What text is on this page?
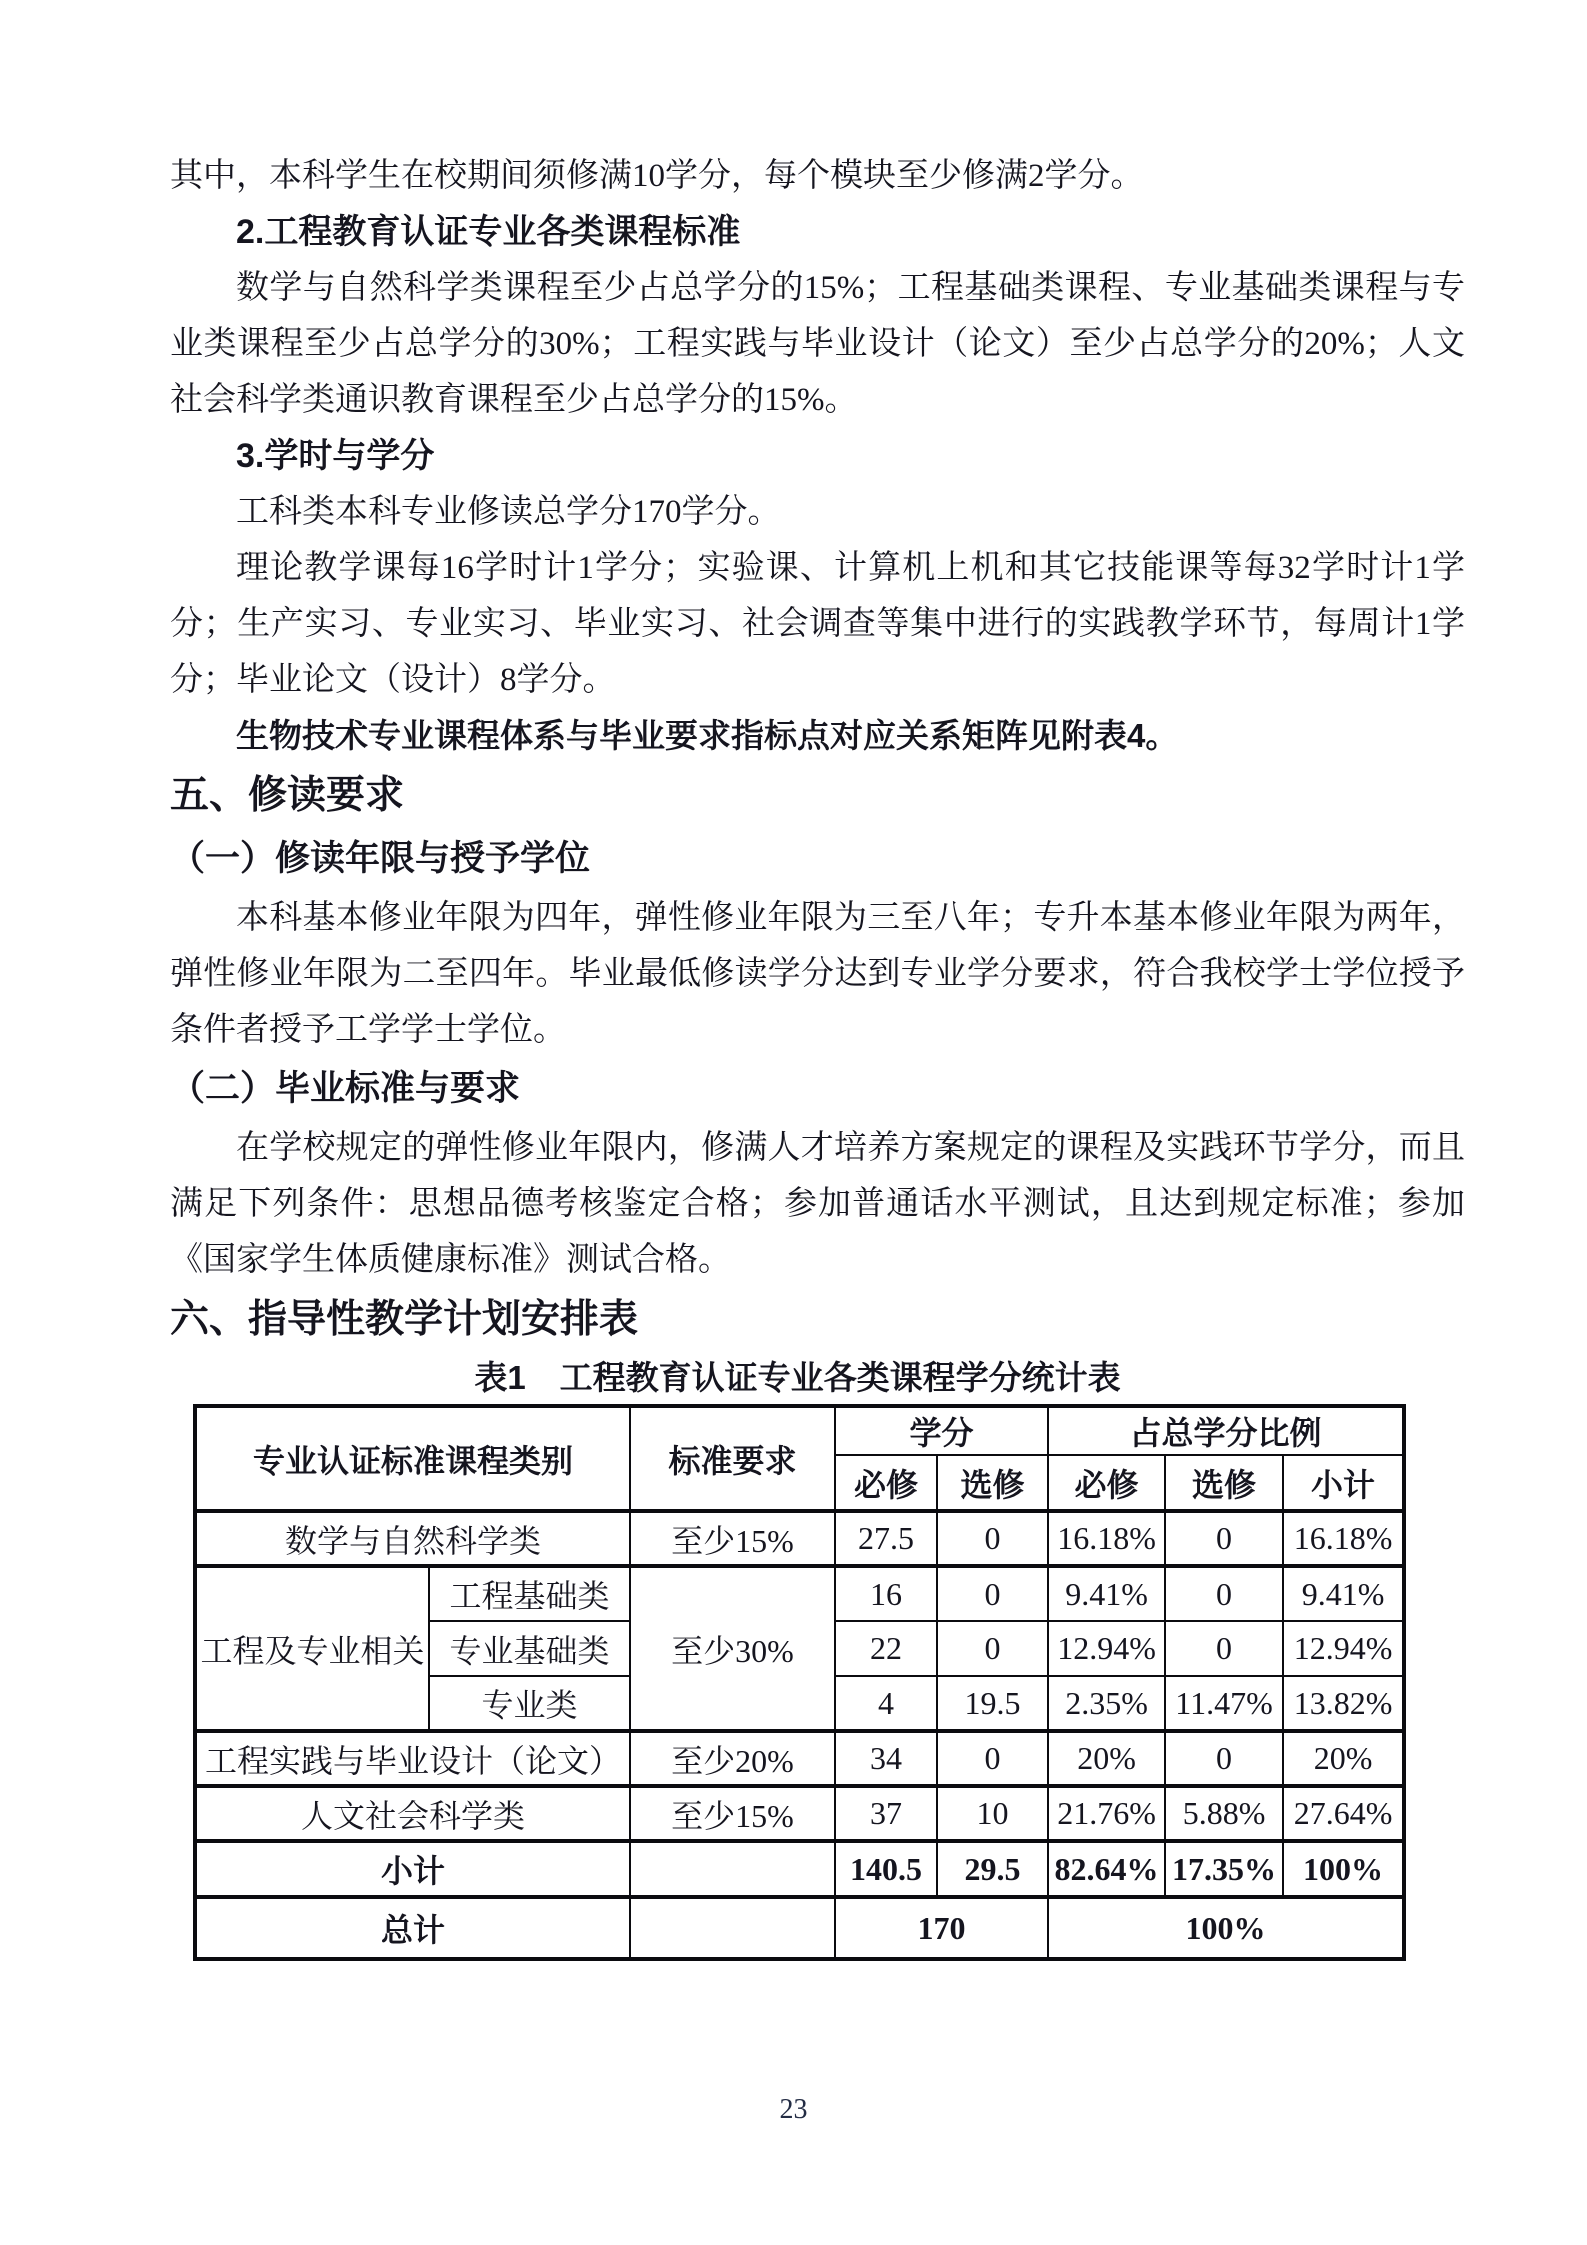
其中，本科学生在校期间须修满10学分，每个模块至少修满2学分。

2.工程教育认证专业各类课程标准

数学与自然科学类课程至少占总学分的15%；工程基础类课程、专业基础类课程与专业类课程至少占总学分的30%；工程实践与毕业设计（论文）至少占总学分的20%；人文社会科学类通识教育课程至少占总学分的15%。

3.学时与学分

工科类本科专业修读总学分170学分。

理论教学课每16学时计1学分；实验课、计算机上机和其它技能课等每32学时计1学分；生产实习、专业实习、毕业实习、社会调查等集中进行的实践教学环节，每周计1学分；毕业论文（设计）8学分。

生物技术专业课程体系与毕业要求指标点对应关系矩阵见附表4。

五、修读要求

（一）修读年限与授予学位

本科基本修业年限为四年，弹性修业年限为三至八年；专升本基本修业年限为两年，弹性修业年限为二至四年。毕业最低修读学分达到专业学分要求，符合我校学士学位授予条件者授予工学学士学位。

（二）毕业标准与要求

在学校规定的弹性修业年限内，修满人才培养方案规定的课程及实践环节学分，而且满足下列条件：思想品德考核鉴定合格；参加普通话水平测试，且达到规定标准；参加《国家学生体质健康标准》测试合格。

六、指导性教学计划安排表

表1 工程教育认证专业各类课程学分统计表

专业认证标准课程类别		标准要求	学分		占总学分比例		
			必修	选修	必修	选修	小计
数学与自然科学类		至少15%	27.5	0	16.18%	0	16.18%
工程及专业相关	工程基础类	至少30%	16	0	9.41%	0	9.41%
	专业基础类		22	0	12.94%	0	12.94%
	专业类		4	19.5	2.35%	11.47%	13.82%
工程实践与毕业设计（论文）		至少20%	34	0	20%	0	20%
人文社会科学类		至少15%	37	10	21.76%	5.88%	27.64%
小计			140.5	29.5	82.64%	17.35%	100%
总计			170		100%		
23
